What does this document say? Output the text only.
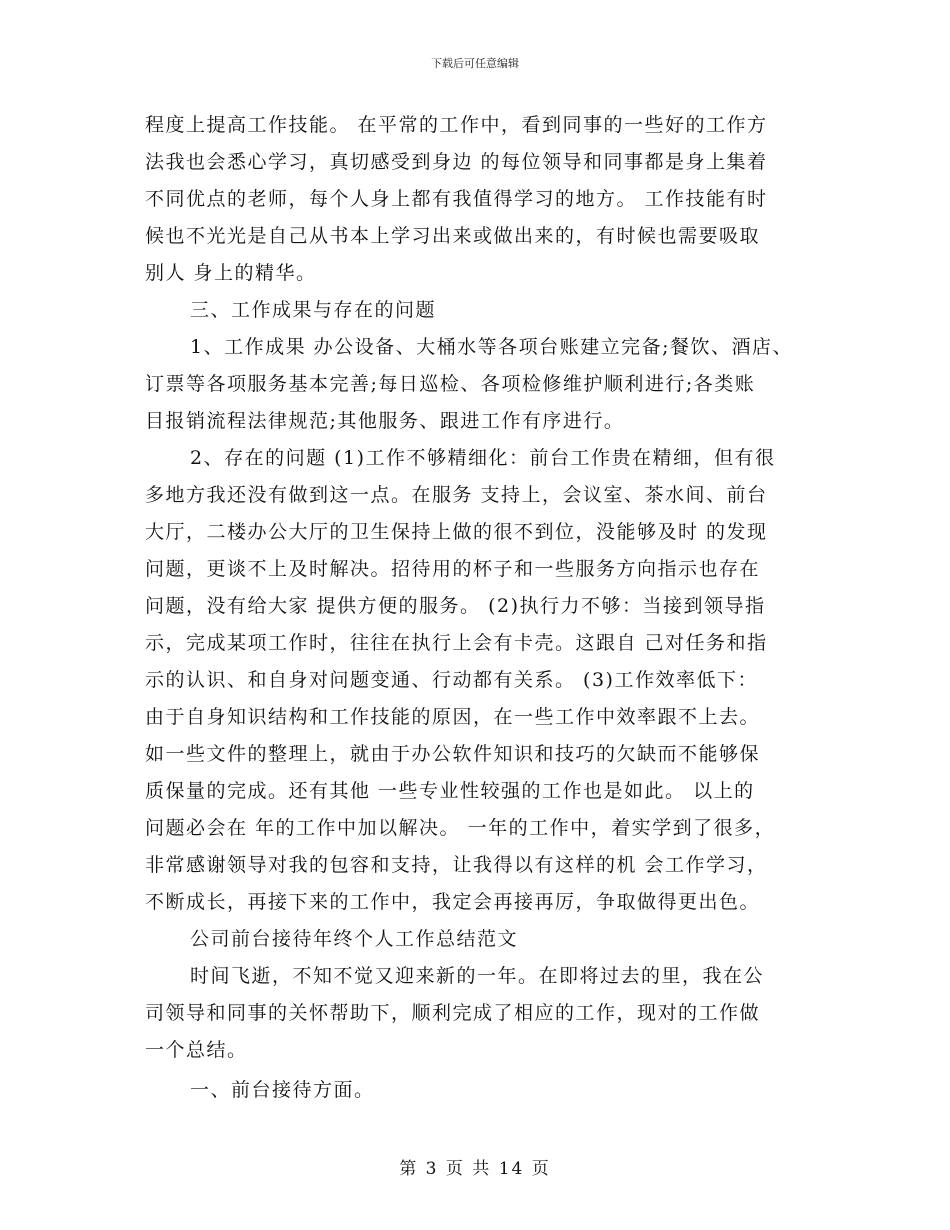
下载后可任意编辑
程度上提高工作技能。 在平常的工作中，看到同事的一些好的工作方
法我也会悉心学习，真切感受到身边 的每位领导和同事都是身上集着
不同优点的老师，每个人身上都有我值得学习的地方。 工作技能有时
候也不光光是自己从书本上学习出来或做出来的，有时候也需要吸取
别人 身上的精华。
三、工作成果与存在的问题
1、工作成果 办公设备、大桶水等各项台账建立完备;餐饮、酒店、
订票等各项服务基本完善;每日巡检、各项检修维护顺利进行;各类账
目报销流程法律规范;其他服务、跟进工作有序进行。
2、存在的问题 (1)工作不够精细化：前台工作贵在精细，但有很
多地方我还没有做到这一点。在服务 支持上，会议室、茶水间、前台
大厅，二楼办公大厅的卫生保持上做的很不到位，没能够及时 的发现
问题，更谈不上及时解决。招待用的杯子和一些服务方向指示也存在
问题，没有给大家 提供方便的服务。 (2)执行力不够：当接到领导指
示，完成某项工作时，往往在执行上会有卡壳。这跟自 己对任务和指
示的认识、和自身对问题变通、行动都有关系。 (3)工作效率低下：
由于自身知识结构和工作技能的原因，在一些工作中效率跟不上去。
如一些文件的整理上，就由于办公软件知识和技巧的欠缺而不能够保
质保量的完成。还有其他 一些专业性较强的工作也是如此。 以上的
问题必会在 年的工作中加以解决。 一年的工作中，着实学到了很多，
非常感谢领导对我的包容和支持，让我得以有这样的机 会工作学习，
不断成长，再接下来的工作中，我定会再接再厉，争取做得更出色。
公司前台接待年终个人工作总结范文
时间飞逝，不知不觉又迎来新的一年。在即将过去的里，我在公
司领导和同事的关怀帮助下，顺利完成了相应的工作，现对的工作做
一个总结。
一、前台接待方面。
第 3 页 共 14 页
